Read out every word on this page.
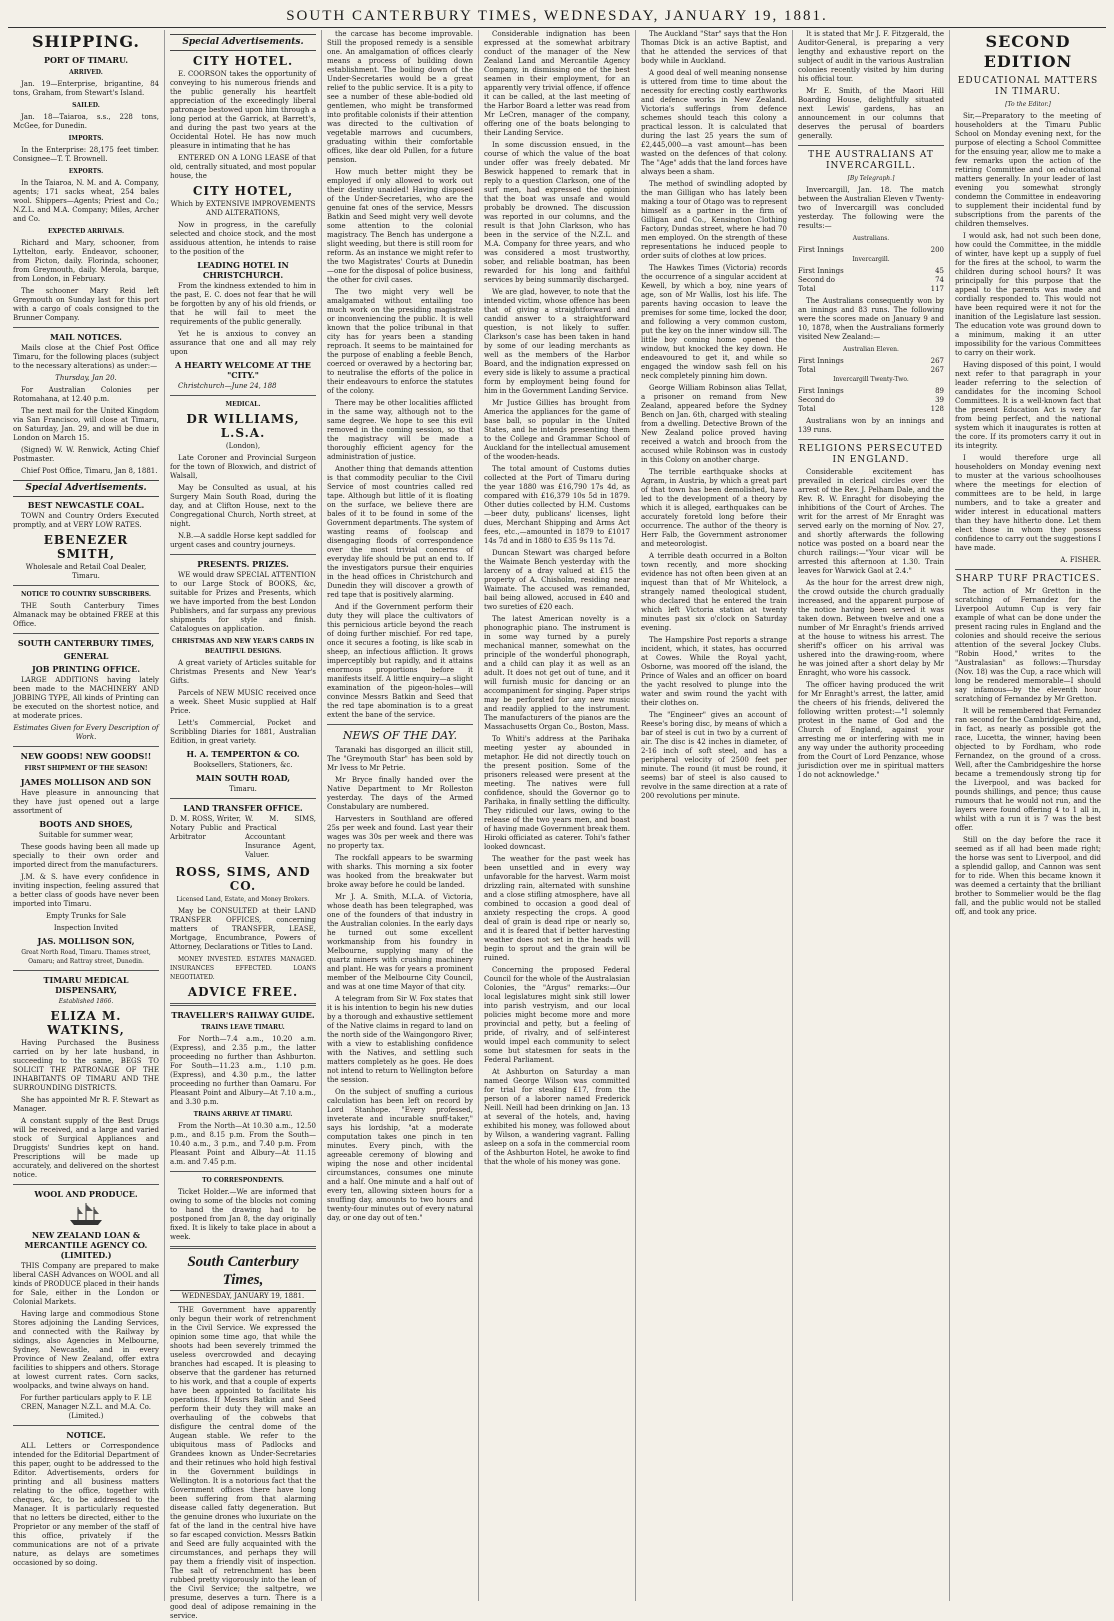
SOUTH CANTERBURY TIMES, WEDNESDAY, JANUARY 19, 1881.
SHIPPING.
PORT OF TIMARU.
ARRIVED.

Jan. 19—Enterprise, brigantine, 84 tons, Graham, from Stewart's Island.

SAILED.

Jan. 18—Taiaroa, s.s., 228 tons, McGee, for Dunedin.

IMPORTS.

In the Enterprise: 28,175 feet timber. Consignee—T. T. Brownell.

EXPORTS.

In the Taiaroa, N. M. and A. Company, agents; 171 sacks wheat, 254 bales wool. Shippers—Agents; Priest and Co.; N.Z.L. and M.A. Company; Miles, Archer and Co.

EXPECTED ARRIVALS.

Richard and Mary, schooner, from Lyttelton, early. Endeavor, schooner, from Picton, daily. Florinda, schooner, from Greymouth, daily. Merola, barque, from London, in February.

The schooner Mary Reid left Greymouth on Sunday last for this port with a cargo of coals consigned to the Brunner Company.

MAIL NOTICES.

Mails close at the Chief Post Office Timaru, for the following places (subject to the necessary alterations) as under:—

Thursday, Jan 20.

For Australian Colonies per Rotomahana, at 12.40 p.m.

The next mail for the United Kingdom via San Francisco, will close at Timaru, on Saturday, Jan. 29, and will be due in London on March 15.

(Signed) W. W. Renwick, Acting Chief Postmaster.

Chief Post Office, Timaru, Jan 8, 1881.

Special Advertisements.
BEST NEWCASTLE COAL.

TOWN and Country Orders Executed promptly, and at VERY LOW RATES.

EBENEZER SMITH,

Wholesale and Retail Coal Dealer, Timaru.

NOTICE TO COUNTRY SUBSCRIBERS.

THE South Canterbury Times Almanack may be obtained FREE at this Office.

SOUTH CANTERBURY TIMES,
GENERAL
JOB PRINTING OFFICE.

LARGE ADDITIONS having lately been made to the MACHINERY AND JOBBING TYPE, All kinds of Printing can be executed on the shortest notice, and at moderate prices.

Estimates Given for Every Description of Work.

NEW GOODS! NEW GOODS!!
FIRST SHIPMENT OF THE SEASON!
JAMES MOLLISON AND SON

Have pleasure in announcing that they have just opened out a large assortment of

BOOTS AND SHOES,

Suitable for summer wear,

These goods having been all made up specially to their own order and imported direct from the manufacturers.

J.M. & S. have every confidence in inviting inspection, feeling assured that a better class of goods have never been imported into Timaru.

Empty Trunks for Sale

Inspection Invited

JAS. MOLLISON SON,

Great North Road, Timaru. Thames street, Oamaru; and Rattray street, Dunedin.

TIMARU MEDICAL DISPENSARY,

Established 1866.

ELIZA M. WATKINS,

Having Purchased the Business carried on by her late husband, in succeeding to the same, BEGS TO SOLICIT THE PATRONAGE OF THE INHABITANTS OF TIMARU AND THE SURROUNDING DISTRICTS.

She has appointed Mr R. F. Stewart as Manager.

A constant supply of the Best Drugs will be received, and a large and varied stock of Surgical Appliances and Druggists' Sundries kept on hand. Prescriptions will be made up accurately, and delivered on the shortest notice.

WOOL AND PRODUCE.
NEW ZEALAND LOAN & MERCANTILE AGENCY CO. (LIMITED.)

THIS Company are prepared to make liberal CASH Advances on WOOL and all kinds of PRODUCE placed in their hands for Sale, either in the London or Colonial Markets.

Having large and commodious Stone Stores adjoining the Landing Services, and connected with the Railway by sidings, also Agencies in Melbourne, Sydney, Newcastle, and in every Province of New Zealand, offer extra facilities to shippers and others. Storage at lowest current rates. Corn sacks, woolpacks, and twine always on hand.

For further particulars apply to F. LE CREN, Manager N.Z.L. and M.A. Co. (Limited.)

NOTICE.

ALL Letters or Correspondence intended for the Editorial Department of this paper, ought to be addressed to the Editor. Advertisements, orders for printing and all business matters relating to the office, together with cheques, &c, to be addressed to the Manager. It is particularly requested that no letters be directed, either to the Proprietor or any member of the staff of this office, privately if the communications are not of a private nature, as delays are sometimes occasioned by so doing.

Special Advertisements.
CITY HOTEL.

E. COORSON takes the opportunity of conveying to his numerous friends and the public generally his heartfelt appreciation of the exceedingly liberal patronage bestowed upon him through a long period at the Garrick, at Barrett's, and during the past two years at the Occidental Hotel. He has now much pleasure in intimating that he has

ENTERED ON A LONG LEASE of that old, centrally situated, and most popular house, the

CITY HOTEL,

Which by EXTENSIVE IMPROVEMENTS AND ALTERATIONS,

Now in progress, in the carefully selected and choice stock, and the most assiduous attention, he intends to raise to the position of the

LEADING HOTEL IN CHRISTCHURCH.

From the kindness extended to him in the past, E. C. does not fear that he will be forgotten by any of his old friends, or that he will fail to meet the requirements of the public generally.

Yet he is anxious to convey an assurance that one and all may rely upon

A HEARTY WELCOME AT THE "CITY."

Christchurch—June 24, 188

MEDICAL.
DR WILLIAMS, L.S.A.

(London),

Late Coroner and Provincial Surgeon for the town of Bloxwich, and district of Walsall,

May be Consulted as usual, at his Surgery Main South Road, during the day, and at Clifton House, next to the Congregational Church, North street, at night.

N.B.—A saddle Horse kept saddled for urgent cases and country journeys.

PRESENTS. PRIZES.

WE would draw SPECIAL ATTENTION to our Large Stock of BOOKS, &c, suitable for Prizes and Presents, which we have imported from the best London Publishers, and far surpass any previous shipments for style and finish. Catalogues on application.

CHRISTMAS AND NEW YEAR'S CARDS IN BEAUTIFUL DESIGNS.

A great variety of Articles suitable for Christmas Presents and New Year's Gifts.

Parcels of NEW MUSIC received once a week. Sheet Music supplied at Half Price.

Lett's Commercial, Pocket and Scribbling Diaries for 1881, Australian Edition, in great variety.

H. A. TEMPERTON & CO.

Booksellers, Stationers, &c.

MAIN SOUTH ROAD,

Timaru.

LAND TRANSFER OFFICE.

D. M. ROSS, Writer, Notary Public and Arbitrator

W. M. SIMS, Practical Accountant Insurance Agent, Valuer.

ROSS, SIMS, AND CO.

Licensed Land, Estate, and Money Brokers.

May be CONSULTED at their LAND TRANSFER OFFICES, concerning matters of TRANSFER, LEASE, Mortgage, Encumbrance, Powers of Attorney, Declarations or Titles to Land.

MONEY INVESTED. ESTATES MANAGED. INSURANCES EFFECTED. LOANS NEGOTIATED.

ADVICE FREE.
TRAVELLER'S RAILWAY GUIDE.
TRAINS LEAVE TIMARU.

For North—7.4 a.m., 10.20 a.m. (Express), and 2.35 p.m., the latter proceeding no further than Ashburton. For South—11.23 a.m., 1.10 p.m. (Express), and 4.30 p.m., the latter proceeding no further than Oamaru. For Pleasant Point and Albury—At 7.10 a.m., and 3.30 p.m.

TRAINS ARRIVE AT TIMARU.

From the North—At 10.30 a.m., 12.50 p.m., and 8.15 p.m. From the South—10.40 a.m., 3 p.m., and 7.40 p.m. From Pleasant Point and Albury—At 11.15 a.m. and 7.45 p.m.

TO CORRESPONDENTS.

Ticket Holder.—We are informed that owing to some of the blocks not coming to hand the drawing had to be postponed from Jan 8, the day originally fixed. It is likely to take place in about a week.

South Canterbury Times,
WEDNESDAY, JANUARY 19, 1881.

THE Government have apparently only begun their work of retrenchment in the Civil Service. We expressed the opinion some time ago, that while the shoots had been severely trimmed the useless overcrowded and decaying branches had escaped. It is pleasing to observe that the gardener has returned to his work, and that a couple of experts have been appointed to facilitate his operations. If Messrs Batkin and Seed perform their duty they will make an overhauling of the cobwebs that disfigure the central dome of the Augean stable. We refer to the ubiquitous mass of Padlocks and Grandees known as Under-Secretaries and their retinues who hold high festival in the Government buildings in Wellington. It is a notorious fact that the Government offices there have long been suffering from that alarming disease called fatty degeneration. But the genuine drones who luxuriate on the fat of the land in the central hive have so far escaped conviction. Messrs Batkin and Seed are fully acquainted with the circumstances, and perhaps they will pay them a friendly visit of inspection. The salt of retrenchment has been rubbed pretty vigorously into the lean of the Civil Service; the saltpetre, we presume, deserves a turn. There is a good deal of adipose remaining in the service.

the carcase has become improvable. Still the proposed remedy is a sensible one. An amalgamation of offices clearly means a process of building down establishment. The boiling down of the Under-Secretaries would be a great relief to the public service. It is a pity to see a number of these able-bodied old gentlemen, who might be transformed into profitable colonists if their attention was directed to the cultivation of vegetable marrows and cucumbers, graduating within their comfortable offices, like dear old Pullen, for a future pension.

How much better might they be employed if only allowed to work out their destiny unaided! Having disposed of the Under-Secretaries, who are the genuine fat ones of the service, Messrs Batkin and Seed might very well devote some attention to the colonial magistracy. The Bench has undergone a slight weeding, but there is still room for reform. As an instance we might refer to the two Magistrates' Courts at Dunedin—one for the disposal of police business, the other for civil cases.

The two might very well be amalgamated without entailing too much work on the presiding magistrate or inconveniencing the public. It is well known that the police tribunal in that city has for years been a standing reproach. It seems to be maintained for the purpose of enabling a feeble Bench, coerced or overawed by a hectoring bar, to neutralise the efforts of the police in their endeavours to enforce the statutes of the colony.

There may be other localities afflicted in the same way, although not to the same degree. We hope to see this evil removed in the coming session, so that the magistracy will be made a thoroughly efficient agency for the administration of justice.

Another thing that demands attention is that commodity peculiar to the Civil Service of most countries called red tape. Although but little of it is floating on the surface, we believe there are bales of it to be found in some of the Government departments. The system of wasting reams of foolscap and disengaging floods of correspondence over the most trivial concerns of everyday life should be put an end to. If the investigators pursue their enquiries in the head offices in Christchurch and Dunedin they will discover a growth of red tape that is positively alarming.

And if the Government perform their duty they will place the cultivators of this pernicious article beyond the reach of doing further mischief. For red tape, once it secures a footing, is like scab in sheep, an infectious affliction. It grows imperceptibly but rapidly, and it attains enormous proportions before it manifests itself. A little enquiry—a slight examination of the pigeon-holes—will convince Messrs Batkin and Seed that the red tape abomination is to a great extent the bane of the service.

NEWS OF THE DAY.

Taranaki has disgorged an illicit still, The "Greymouth Star" has been sold by Mr Ivess to Mr Petrie.

Mr Bryce finally handed over the Native Department to Mr Rolleston yesterday. The days of the Armed Constabulary are numbered.

Harvesters in Southland are offered 25s per week and found. Last year their wages was 30s per week and there was no property tax.

The rockfall appears to be swarming with sharks. This morning a six footer was hooked from the breakwater but broke away before he could be landed.

Mr J. A. Smith, M.L.A. of Victoria, whose death has been telegraphed, was one of the founders of that industry in the Australian colonies. In the early days he turned out some excellent workmanship from his foundry in Melbourne, supplying many of the quartz miners with crushing machinery and plant. He was for years a prominent member of the Melbourne City Council, and was at one time Mayor of that city.

A telegram from Sir W. Fox states that it is his intention to begin his new duties by a thorough and exhaustive settlement of the Native claims in regard to land on the north side of the Waingongoro River, with a view to establishing confidence with the Natives, and settling such matters completely as he goes. He does not intend to return to Wellington before the session.

On the subject of snuffing a curious calculation has been left on record by Lord Stanhope. "Every professed, inveterate and incurable snuff-taker," says his lordship, "at a moderate computation takes one pinch in ten minutes. Every pinch, with the agreeable ceremony of blowing and wiping the nose and other incidental circumstances, consumes one minute and a half. One minute and a half out of every ten, allowing sixteen hours for a snuffing day, amounts to two hours and twenty-four minutes out of every natural day, or one day out of ten."

Considerable indignation has been expressed at the somewhat arbitrary conduct of the manager of the New Zealand Land and Mercantile Agency Company, in dismissing one of the best seamen in their employment, for an apparently very trivial offence, if offence it can be called, at the last meeting of the Harbor Board a letter was read from Mr LeCren, manager of the company, offering one of the boats belonging to their Landing Service.

In some discussion ensued, in the course of which the value of the boat under offer was freely debated. Mr Beswick happened to remark that in reply to a question Clarkson, one of the surf men, had expressed the opinion that the boat was unsafe and would probably be drowned. The discussion was reported in our columns, and the result is that John Clarkson, who has been in the service of the N.Z.L. and M.A. Company for three years, and who was considered a most trustworthy, sober, and reliable boatman, has been rewarded for his long and faithful services by being summarily discharged.

We are glad, however, to note that the intended victim, whose offence has been that of giving a straightforward and candid answer to a straightforward question, is not likely to suffer. Clarkson's case has been taken in hand by some of our leading merchants as well as the members of the Harbor Board, and the indignation expressed on every side is likely to assume a practical form by employment being found for him in the Government Landing Service.

Mr Justice Gillies has brought from America the appliances for the game of base ball, so popular in the United States, and he intends presenting them to the College and Grammar School of Auckland for the intellectual amusement of the wooden-heads.

The total amount of Customs duties collected at the Port of Timaru during the year 1880 was £16,790 17s 4d, as compared with £16,379 10s 5d in 1879. Other duties collected by H.M. Customs—beer duty, publicans' licenses, light dues, Merchant Shipping and Arms Act fees, etc.,—amounted in 1879 to £1017 14s 7d and in 1880 to £35 9s 11s 7d.

Duncan Stewart was charged before the Waimate Bench yesterday with the larceny of a dray valued at £15 the property of A. Chisholm, residing near Waimate. The accused was remanded, bail being allowed, accused in £40 and two sureties of £20 each.

The latest American novelty is a phonographic piano. The instrument is in some way turned by a purely mechanical manner, somewhat on the principle of the wonderful phonograph, and a child can play it as well as an adult. It does not get out of tune, and it will furnish music for dancing or an accompaniment for singing. Paper strips may be perforated for any new music and readily applied to the instrument. The manufacturers of the pianos are the Massachusetts Organ Co., Boston, Mass.

To Whiti's address at the Parihaka meeting yester ay abounded in metaphor. He did not directly touch on the present position. Some of the prisoners released were present at the meeting. The natives were full confidence, should the Governor go to Parihaka, in finally settling the difficulty. They ridiculed our laws, owing to the release of the two years men, and boast of having made Government break them. Hiroki officiated as caterer. Tohi's father looked downcast.

The weather for the past week has been unsettled and in every way unfavorable for the harvest. Warm moist drizzling rain, alternated with sunshine and a close stifling atmosphere, have all combined to occasion a good deal of anxiety respecting the crops. A good deal of grain is dead ripe or nearly so, and it is feared that if better harvesting weather does not set in the heads will begin to sprout and the grain will be ruined.

Concerning the proposed Federal Council for the whole of the Australasian Colonies, the "Argus" remarks:—Our local legislatures might sink still lower into parish vestryism, and our local policies might become more and more provincial and petty, but a feeling of pride, of rivalry, and of self-interest would impel each community to select some but statesmen for seats in the Federal Parliament.

At Ashburton on Saturday a man named George Wilson was committed for trial for stealing £17, from the person of a laborer named Frederick Neill. Neill had been drinking on Jan. 13 at several of the hotels, and, having exhibited his money, was followed about by Wilson, a wandering vagrant. Falling asleep on a sofa in the commercial room of the Ashburton Hotel, he awoke to find that the whole of his money was gone.

The Auckland "Star" says that the Hon Thomas Dick is an active Baptist, and that he attended the services of that body while in Auckland.

A good deal of well meaning nonsense is uttered from time to time about the necessity for erecting costly earthworks and defence works in New Zealand. Victoria's sufferings from defence schemes should teach this colony a practical lesson. It is calculated that during the last 25 years the sum of £2,445,000—a vast amount—has been wasted on the defences of that colony. The "Age" adds that the land forces have always been a sham.

The method of swindling adopted by the man Gilligan who has lately been making a tour of Otago was to represent himself as a partner in the firm of Gilligan and Co., Kensington Clothing Factory, Dundas street, where he had 70 men employed. On the strength of these representations he induced people to order suits of clothes at low prices.

The Hawkes Times (Victoria) records the occurrence of a singular accident at Kewell, by which a boy, nine years of age, son of Mr Wallis, lost his life. The parents having occasion to leave the premises for some time, locked the door, and following a very common custom, put the key on the inner window sill. The little boy coming home opened the window, but knocked the key down. He endeavoured to get it, and while so engaged the window sash fell on his neck completely pinning him down.

George William Robinson alias Tellat, a prisoner on remand from New Zealand, appeared before the Sydney Bench on Jan. 6th, charged with stealing from a dwelling. Detective Brown of the New Zealand police proved having received a watch and brooch from the accused while Robinson was in custody in this Colony on another charge.

The terrible earthquake shocks at Agram, in Austria, by which a great part of that town has been demolished, have led to the development of a theory by which it is alleged, earthquakes can be accurately foretold long before their occurrence. The author of the theory is Herr Falb, the Government astronomer and meteorologist.

A terrible death occurred in a Bolton town recently, and more shocking evidence has not often been given at an inquest than that of Mr Whitelock, a strangely named theological student, who declared that he entered the train which left Victoria station at twenty minutes past six o'clock on Saturday evening.

The Hampshire Post reports a strange incident, which, it states, has occurred at Cowes. While the Royal yacht, Osborne, was moored off the island, the Prince of Wales and an officer on board the yacht resolved to plunge into the water and swim round the yacht with their clothes on.

The "Engineer" gives an account of Reese's boring disc, by means of which a bar of steel is cut in two by a current of air. The disc is 42 inches in diameter, of 2-16 inch of soft steel, and has a peripheral velocity of 2500 feet per minute. The round (it must be round, it seems) bar of steel is also caused to revolve in the same direction at a rate of 200 revolutions per minute.

It is stated that Mr J. F. Fitzgerald, the Auditor-General, is preparing a very lengthy and exhaustive report on the subject of audit in the various Australian colonies recently visited by him during his official tour.

Mr E. Smith, of the Maori Hill Boarding House, delightfully situated next Lewis' gardens, has an announcement in our columns that deserves the perusal of boarders generally.

THE AUSTRALIANS AT INVERCARGILL.

[By Telegraph.]

Invercargill, Jan. 18. The match between the Australian Eleven v Twenty-two of Invercargill was concluded yesterday. The following were the results:—

Australians.

First Innings	200

Invercargill.

First Innings	45
Second do	74
Total	117

The Australians consequently won by an innings and 83 runs. The following were the scores made on January 9 and 10, 1878, when the Australians formerly visited New Zealand:—

Australian Eleven.

First Innings	267
Total	267

Invercargill Twenty-Two.

First Innings	89
Second do	39
Total	128

Australians won by an innings and 139 runs.

RELIGIONS PERSECUTED IN ENGLAND.

Considerable excitement has prevailed in clerical circles over the arrest of the Rev. J. Pelham Dale, and the Rev. R. W. Enraght for disobeying the inhibitions of the Court of Arches. The writ for the arrest of Mr Enraght was served early on the morning of Nov. 27, and shortly afterwards the following notice was posted on a board near the church railings:—"Your vicar will be arrested this afternoon at 1.30. Train leaves for Warwick Gaol at 2.4."

As the hour for the arrest drew nigh, the crowd outside the church gradually increased, and the apparent purpose of the notice having been served it was taken down. Between twelve and one a number of Mr Enraght's friends arrived at the house to witness his arrest. The sheriff's officer on his arrival was ushered into the drawing-room, where he was joined after a short delay by Mr Enraght, who wore his cassock.

The officer having produced the writ for Mr Enraght's arrest, the latter, amid the cheers of his friends, delivered the following written protest:—"I solemnly protest in the name of God and the Church of England, against your arresting me or interfering with me in any way under the authority proceeding from the Court of Lord Penzance, whose jurisdiction over me in spiritual matters I do not acknowledge."

SECOND EDITION
EDUCATIONAL MATTERS IN TIMARU.

[To the Editor.]

Sir,—Preparatory to the meeting of householders at the Timaru Public School on Monday evening next, for the purpose of electing a School Committee for the ensuing year, allow me to make a few remarks upon the action of the retiring Committee and on educational matters generally. In your leader of last evening you somewhat strongly condemn the Committee in endeavoring to supplement their incidental fund by subscriptions from the parents of the children themselves.

I would ask, had not such been done, how could the Committee, in the middle of winter, have kept up a supply of fuel for the fires at the school, to warm the children during school hours? It was principally for this purpose that the appeal to the parents was made and cordially responded to. This would not have been required were it not for the inanition of the Legislature last session. The education vote was ground down to a minimum, making it an utter impossibility for the various Committees to carry on their work.

Having disposed of this point, I would next refer to that paragraph in your leader referring to the selection of candidates for the incoming School Committees. It is a well-known fact that the present Education Act is very far from being perfect, and the national system which it inaugurates is rotten at the core. If its promoters carry it out in its integrity.

I would therefore urge all householders on Monday evening next to muster at the various schoolhouses where the meetings for election of committees are to be held, in large numbers, and to take a greater and wider interest in educational matters than they have hitherto done. Let them elect those in whom they possess confidence to carry out the suggestions I have made.

A. FISHER.

SHARP TURF PRACTICES.

The action of Mr Gretton in the scratching of Fernandez for the Liverpool Autumn Cup is very fair example of what can be done under the present racing rules in England and the colonies and should receive the serious attention of the several Jockey Clubs. "Robin Hood," writes to the "Australasian" as follows:—Thursday (Nov. 18) was the Cup, a race which will long be rendered memorable—I should say infamous—by the eleventh hour scratching of Fernandez by Mr Gretton.

It will be remembered that Fernandez ran second for the Cambridgeshire, and, in fact, as nearly as possible got the race, Lucetta, the winner, having been objected to by Fordham, who rode Fernandez, on the ground of a cross. Well, after the Cambridgeshire the horse became a tremendously strong tip for the Liverpool, and was backed for pounds shillings, and pence; thus cause rumours that he would not run, and the layers were found offering 4 to 1 all in, whilst with a run it is 7 was the best offer.

Still on the day before the race it seemed as if all had been made right; the horse was sent to Liverpool, and did a splendid gallop, and Cannon was sent for to ride. When this became known it was deemed a certainty that the brilliant brother to Sommelier would be the flag fall, and the public would not be stalled off, and took any price.
